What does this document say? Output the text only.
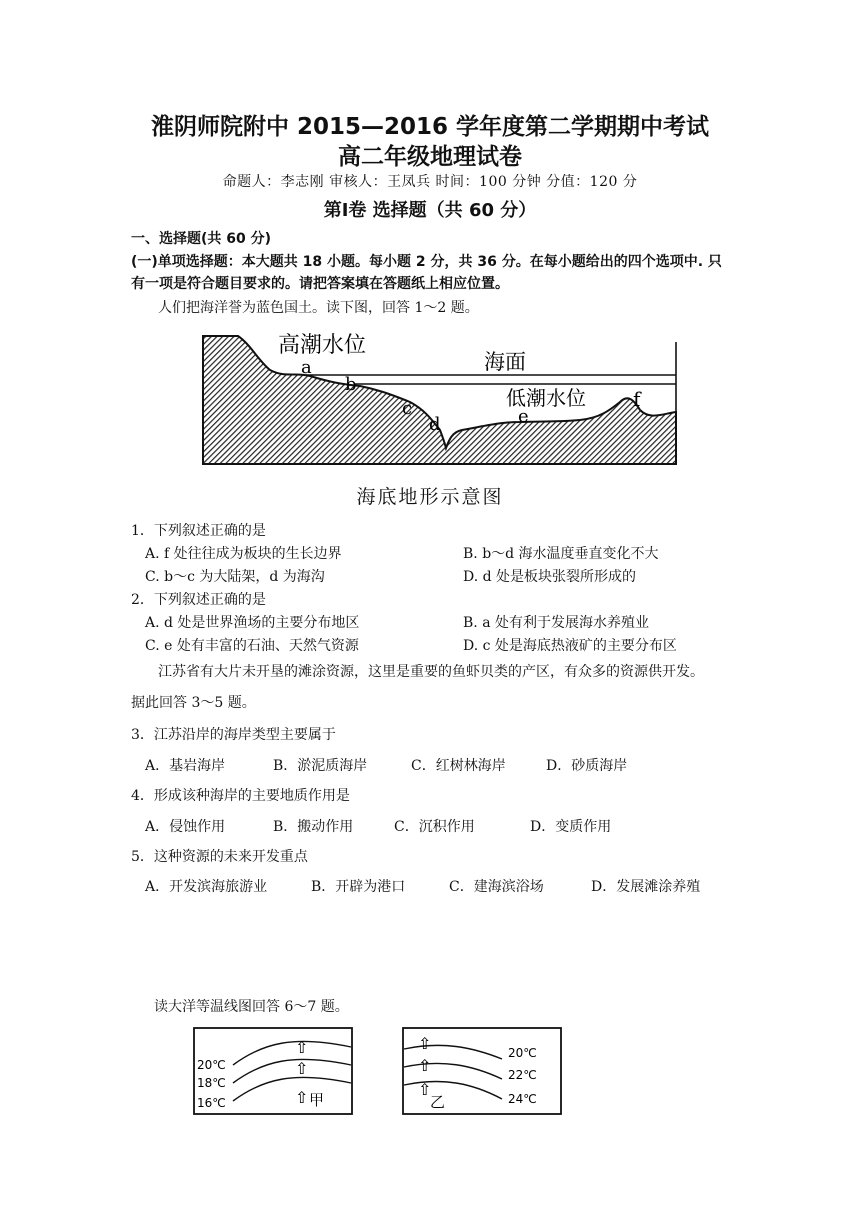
淮阴师院附中 2015—2016 学年度第二学期期中考试
高二年级地理试卷
命题人：李志刚 审核人：王凤兵 时间：100 分钟 分值：120 分
第Ⅰ卷 选择题（共 60 分）
一、选择题(共 60 分)
(一)单项选择题：本大题共 18 小题。每小题 2 分，共 36 分。在每小题给出的四个选项中. 只
有一项是符合题目要求的。请把答案填在答题纸上相应位置。
人们把海洋誉为蓝色国土。读下图，回答 1～2 题。
高潮水位
海面
低潮水位
a
b
c
d	e
f
海底地形示意图
1．下列叙述正确的是
A. f 处往往成为板块的生长边界	B. b～d 海水温度垂直变化不大
C. b～c 为大陆架，d 为海沟	D. d 处是板块张裂所形成的
2．下列叙述正确的是
A. d 处是世界渔场的主要分布地区	B. a 处有利于发展海水养殖业
C. e 处有丰富的石油、天然气资源	D. c 处是海底热液矿的主要分布区
江苏省有大片未开垦的滩涂资源，这里是重要的鱼虾贝类的产区，有众多的资源供开发。
据此回答 3～5 题。
3．江苏沿岸的海岸类型主要属于
A．基岩海岸	B．淤泥质海岸	C．红树林海岸	D．砂质海岸
4．形成该种海岸的主要地质作用是
A．侵蚀作用	B．搬动作用	C．沉积作用	D．变质作用
5．这种资源的未来开发重点
A．开发滨海旅游业	B．开辟为港口	C．建海滨浴场	D．发展滩涂养殖
读大洋等温线图回答 6～7 题。
20℃
18℃
16℃
⇧
⇧
⇧ 甲
20℃
22℃
24℃
⇧
⇧
⇧
乙
